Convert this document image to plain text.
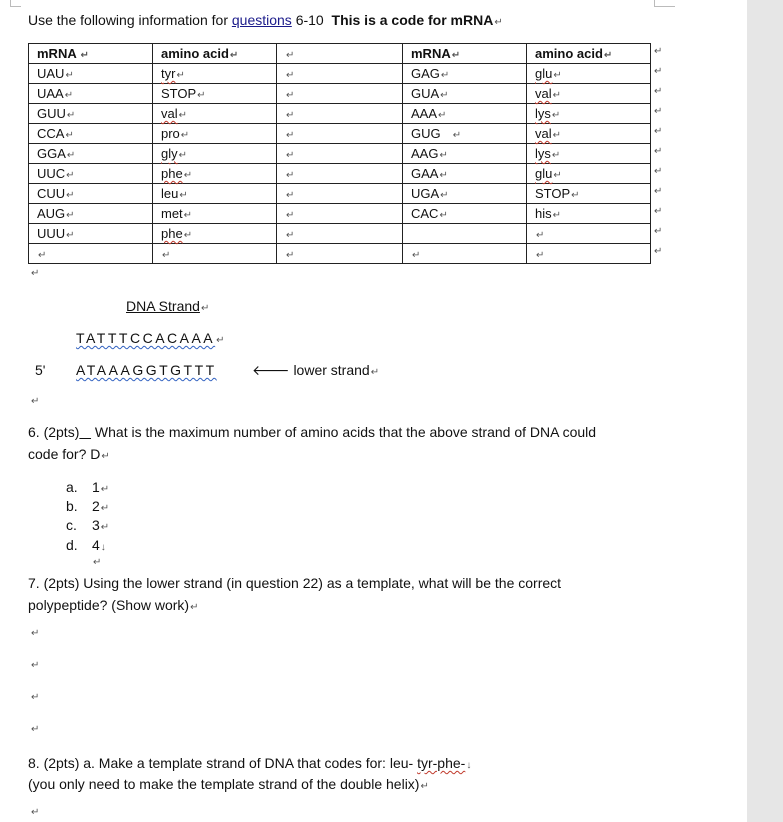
Use the following information for questions 6-10 This is a code for mRNA↵
mRNA ↵	amino acid↵	↵	mRNA↵	amino acid↵
UAU↵	tyr↵	↵	GAG↵	glu↵
UAA↵	STOP↵	↵	GUA↵	val↵
GUU↵	val↵	↵	AAA↵	lys↵
CCA↵	pro↵	↵	GUG    ↵	val↵
GGA↵	gly↵	↵	AAG↵	lys↵
UUC↵	phe↵	↵	GAA↵	glu↵
CUU↵	leu↵	↵	UGA↵	STOP↵
AUG↵	met↵	↵	CAC↵	his↵
UUU↵	phe↵	↵		↵
↵	↵	↵	↵	↵
↵
↵
↵
↵
↵
↵
↵
↵
↵
↵
↵
↵
DNA Strand↵
TATTTCCACAAA↵
5' ATAAAGGTGTTT	🡐 lower strand↵
↵
6. (2pts)    What is the maximum number of amino acids that the above strand of DNA could
code for? D↵
a. 1↵
b. 2↵
c. 3↵
d. 4↓
↵
7. (2pts) Using the lower strand (in question 22) as a template, what will be the correct
polypeptide? (Show work)↵
↵
↵
↵
↵
8. (2pts) a. Make a template strand of DNA that codes for: leu- tyr-phe-↓
(you only need to make the template strand of the double helix)↵
↵
